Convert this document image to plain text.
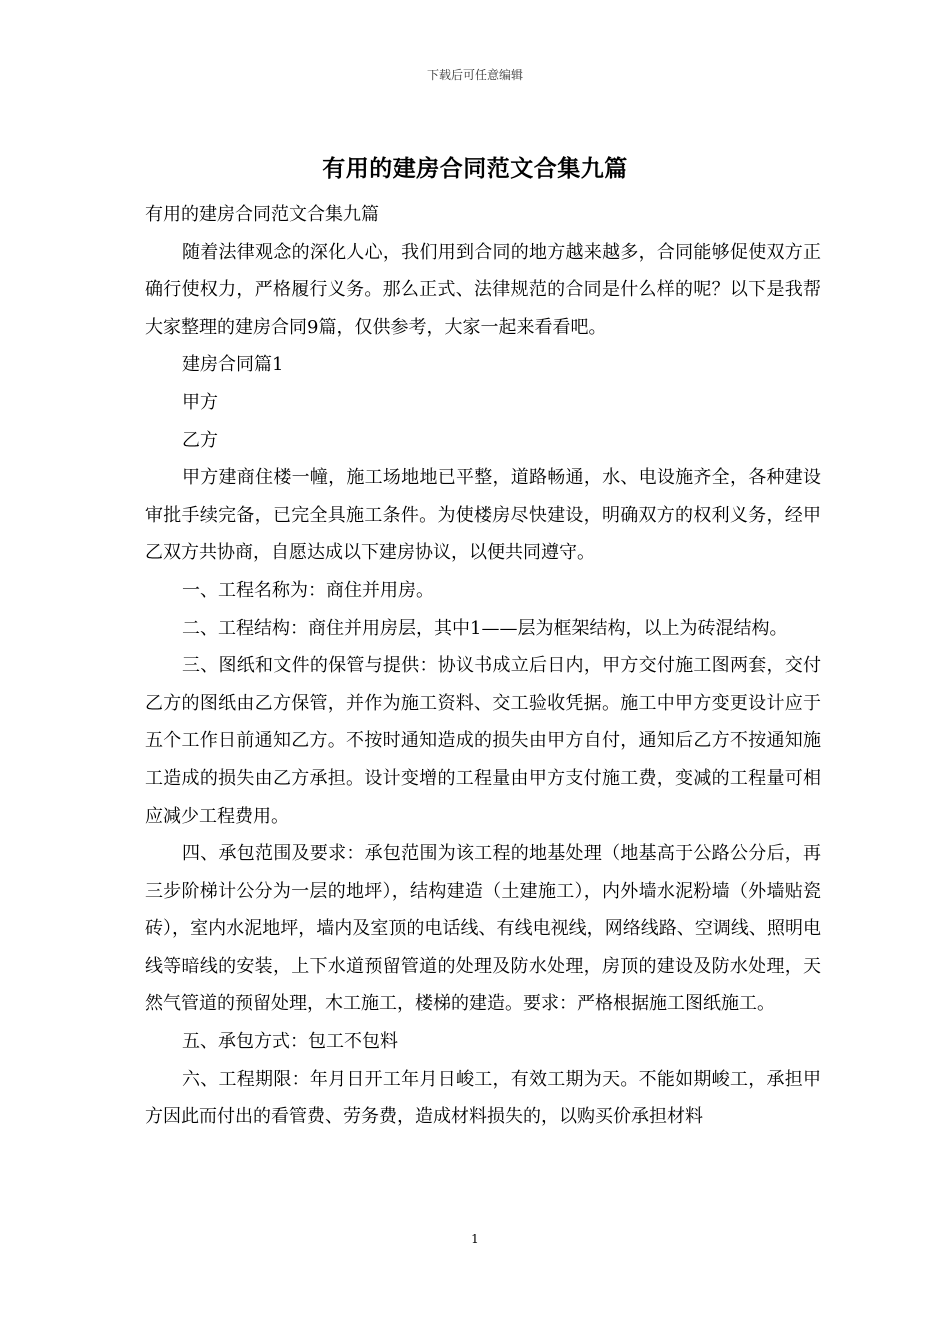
下载后可任意编辑
有用的建房合同范文合集九篇

有用的建房合同范文合集九篇

随着法律观念的深化人心，我们用到合同的地方越来越多，合同能够促使双方正确行使权力，严格履行义务。那么正式、法律规范的合同是什么样的呢？以下是我帮大家整理的建房合同9篇，仅供参考，大家一起来看看吧。

建房合同篇1

甲方

乙方

甲方建商住楼一幢，施工场地地已平整，道路畅通，水、电设施齐全，各种建设审批手续完备，已完全具施工条件。为使楼房尽快建设，明确双方的权利义务，经甲乙双方共协商，自愿达成以下建房协议，以便共同遵守。

一、工程名称为：商住并用房。

二、工程结构：商住并用房层，其中1——层为框架结构，以上为砖混结构。

三、图纸和文件的保管与提供：协议书成立后日内，甲方交付施工图两套，交付乙方的图纸由乙方保管，并作为施工资料、交工验收凭据。施工中甲方变更设计应于五个工作日前通知乙方。不按时通知造成的损失由甲方自付，通知后乙方不按通知施工造成的损失由乙方承担。设计变增的工程量由甲方支付施工费，变减的工程量可相应减少工程费用。

四、承包范围及要求：承包范围为该工程的地基处理（地基高于公路公分后，再三步阶梯计公分为一层的地坪），结构建造（土建施工），内外墙水泥粉墙（外墙贴瓷砖），室内水泥地坪，墙内及室顶的电话线、有线电视线，网络线路、空调线、照明电线等暗线的安装，上下水道预留管道的处理及防水处理，房顶的建设及防水处理，天然气管道的预留处理，木工施工，楼梯的建造。要求：严格根据施工图纸施工。

五、承包方式：包工不包料

六、工程期限：年月日开工年月日峻工，有效工期为天。不能如期峻工，承担甲方因此而付出的看管费、劳务费，造成材料损失的，以购买价承担材料

1
